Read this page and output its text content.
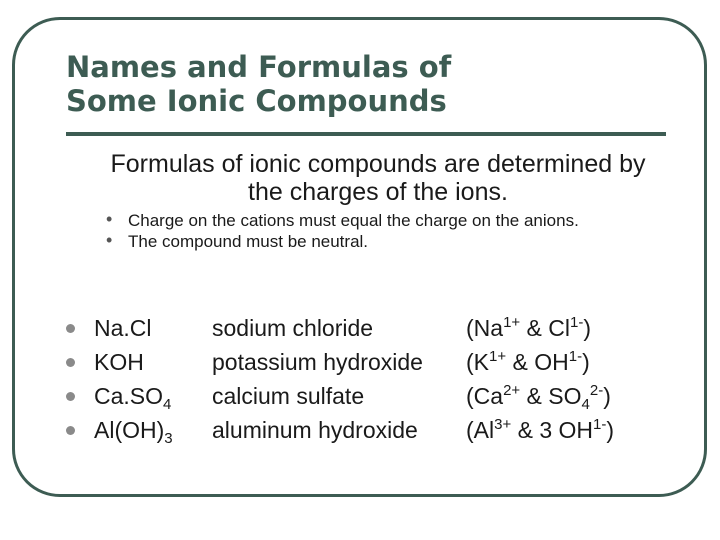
Names and Formulas of
Some Ionic Compounds

Formulas of ionic compounds are determined by the charges of the ions.

• Charge on the cations must equal the charge on the anions.
• The compound must be neutral.
Na.Cl	sodium chloride	($Na^{1+}$ & $Cl^{1-}$)
KOH	potassium hydroxide ($K^{1+}$ & $OH^{1-}$)
$Ca.SO_4$ calcium sulfate	($Ca^{2+}$ & $SO_4^{2-}$)
$Al(OH)_3$ aluminum hydroxide ($Al^{3+}$ & 3 $OH^{1-}$)
